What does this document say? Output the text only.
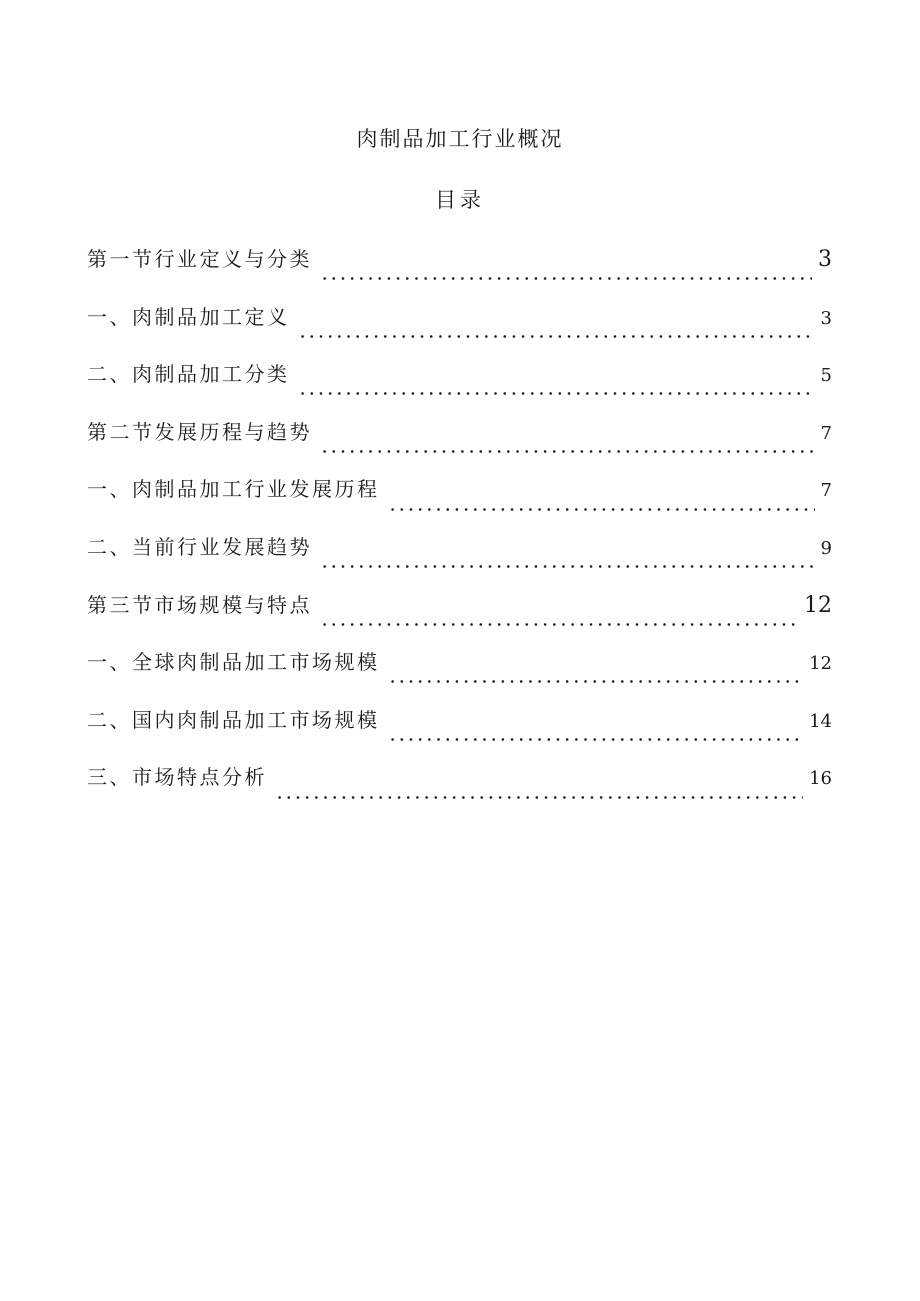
肉制品加工行业概况
目录
第一节行业定义与分类	3
一、肉制品加工定义	3
二、肉制品加工分类	5
第二节发展历程与趋势	7
一、肉制品加工行业发展历程	7
二、当前行业发展趋势	9
第三节市场规模与特点	12
一、全球肉制品加工市场规模	12
二、国内肉制品加工市场规模	14
三、市场特点分析	16
